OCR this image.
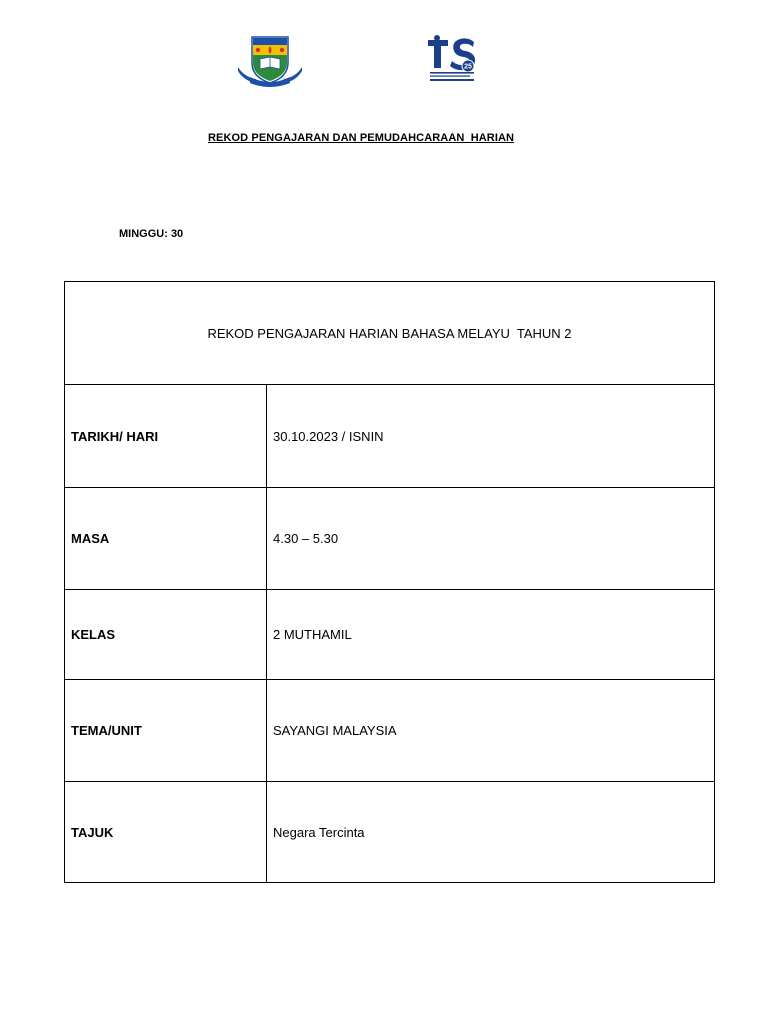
25
REKOD PENGAJARAN DAN PEMUDAHCARAAN  HARIAN
MINGGU: 30
REKOD PENGAJARAN HARIAN BAHASA MELAYU  TAHUN 2	
TARIKH/ HARI	30.10.2023 / ISNIN
MASA	4.30 – 5.30
KELAS	2 MUTHAMIL
TEMA/UNIT	SAYANGI MALAYSIA
TAJUK	Negara Tercinta
